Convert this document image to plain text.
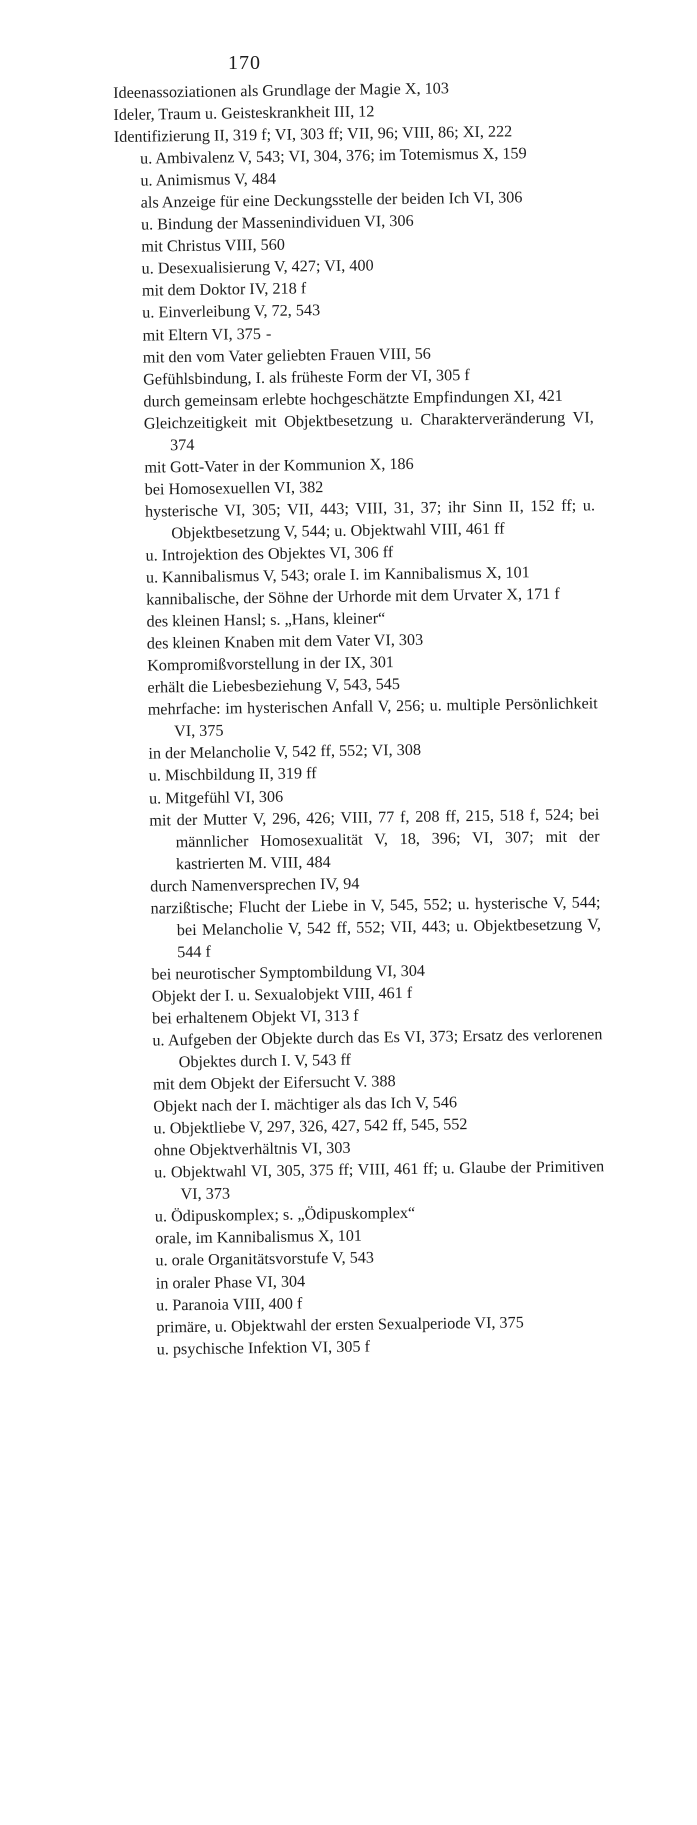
170

Ideenassoziationen als Grundlage der Magie X, 103

Ideler, Traum u. Geisteskrankheit III, 12

Identifizierung II, 319 f; VI, 303 ff; VII, 96; VIII, 86; XI, 222

u. Ambivalenz V, 543; VI, 304, 376; im Totemismus X, 159

u. Animismus V, 484

als Anzeige für eine Deckungsstelle der beiden Ich VI, 306

u. Bindung der Massenindividuen VI, 306

mit Christus VIII, 560

u. Desexualisierung V, 427; VI, 400

mit dem Doktor IV, 218 f

u. Einverleibung V, 72, 543

mit Eltern VI, 375 -

mit den vom Vater geliebten Frauen VIII, 56

Gefühlsbindung, I. als früheste Form der VI, 305 f

durch gemeinsam erlebte hochgeschätzte Empfindungen XI, 421

Gleichzeitigkeit mit Objektbesetzung u. Charakterveränderung VI, 374

mit Gott-Vater in der Kommunion X, 186

bei Homosexuellen VI, 382

hysterische VI, 305; VII, 443; VIII, 31, 37; ihr Sinn II, 152 ff; u. Objektbesetzung V, 544; u. Objektwahl VIII, 461 ff

u. Introjektion des Objektes VI, 306 ff

u. Kannibalismus V, 543; orale I. im Kannibalismus X, 101

kannibalische, der Söhne der Urhorde mit dem Urvater X, 171 f

des kleinen Hansl; s. „Hans, kleiner“

des kleinen Knaben mit dem Vater VI, 303

Kompromißvorstellung in der IX, 301

erhält die Liebesbeziehung V, 543, 545

mehrfache: im hysterischen Anfall V, 256; u. multiple Persönlichkeit VI, 375

in der Melancholie V, 542 ff, 552; VI, 308

u. Mischbildung II, 319 ff

u. Mitgefühl VI, 306

mit der Mutter V, 296, 426; VIII, 77 f, 208 ff, 215, 518 f, 524; bei männlicher Homosexualität V, 18, 396; VI, 307; mit der kastrierten M. VIII, 484

durch Namenversprechen IV, 94

narzißtische; Flucht der Liebe in V, 545, 552; u. hysterische V, 544; bei Melancholie V, 542 ff, 552; VII, 443; u. Objektbesetzung V, 544 f

bei neurotischer Symptombildung VI, 304

Objekt der I. u. Sexualobjekt VIII, 461 f

bei erhaltenem Objekt VI, 313 f

u. Aufgeben der Objekte durch das Es VI, 373; Ersatz des verlorenen Objektes durch I. V, 543 ff

mit dem Objekt der Eifersucht V. 388

Objekt nach der I. mächtiger als das Ich V, 546

u. Objektliebe V, 297, 326, 427, 542 ff, 545, 552

ohne Objektverhältnis VI, 303

u. Objektwahl VI, 305, 375 ff; VIII, 461 ff; u. Glaube der Primitiven VI, 373

u. Ödipuskomplex; s. „Ödipuskomplex“

orale, im Kannibalismus X, 101

u. orale Organitätsvorstufe V, 543

in oraler Phase VI, 304

u. Paranoia VIII, 400 f

primäre, u. Objektwahl der ersten Sexualperiode VI, 375

u. psychische Infektion VI, 305 f
